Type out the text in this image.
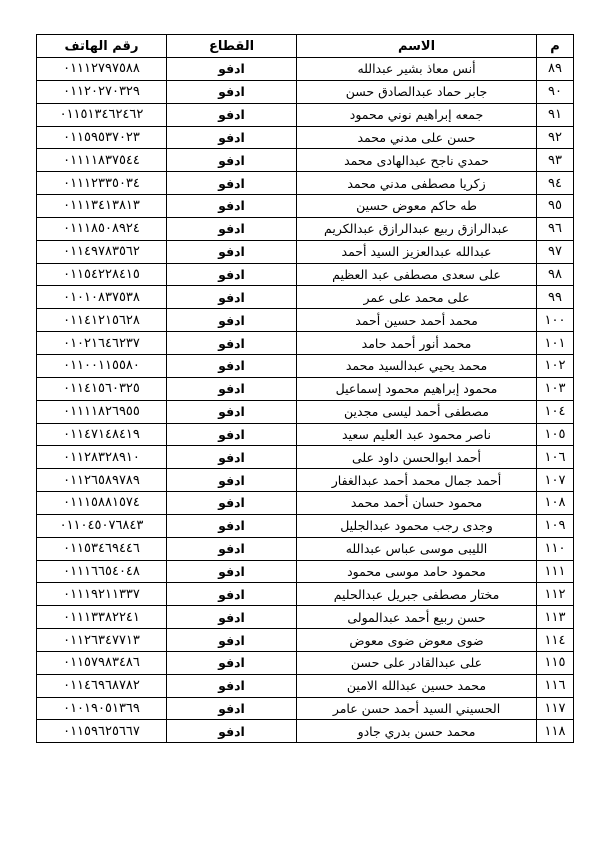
م	الاسم	القطاع	رقم الهاتف
٨٩	أنس معاذ بشير عبدالله	ادفو	٠١١١٢٧٩٧٥٨٨
٩٠	جابر حماد عبدالصادق حسن	ادفو	٠١١٢٠٢٧٠٣٢٩
٩١	جمعه إبراهيم نوني محمود	ادفو	٠١١٥١٣٤٦٢٤٦٢
٩٢	حسن على مدني محمد	ادفو	٠١١٥٩٥٣٧٠٢٣
٩٣	حمدي ناجح عبدالهادى محمد	ادفو	٠١١١١٨٣٧٥٤٤
٩٤	زكريا مصطفى مدني محمد	ادفو	٠١١١٢٣٣٥٠٣٤
٩٥	طه حاكم معوض حسين	ادفو	٠١١١٣٤١٣٨١٣
٩٦	عبدالرازق ربيع عبدالرازق عبدالكريم	ادفو	٠١١١٨٥٠٨٩٢٤
٩٧	عبدالله عبدالعزيز السيد أحمد	ادفو	٠١١٤٩٧٨٣٥٦٢
٩٨	على سعدى مصطفى عبد العظيم	ادفو	٠١١٥٤٢٢٨٤١٥
٩٩	على محمد على عمر	ادفو	٠١٠١٠٨٣٧٥٣٨
١٠٠	محمد أحمد حسين أحمد	ادفو	٠١١٤١٢١٥٦٢٨
١٠١	محمد أنور أحمد حامد	ادفو	٠١٠٢١٦٤٦٢٣٧
١٠٢	محمد يحيي عبدالسيد محمد	ادفو	٠١١٠٠١١٥٥٨٠
١٠٣	محمود إبراهيم محمود إسماعيل	ادفو	٠١١٤١٥٦٠٣٢٥
١٠٤	مصطفى أحمد ليسى مجدين	ادفو	٠١١١١٨٢٦٩٥٥
١٠٥	ناصر محمود عبد العليم سعيد	ادفو	٠١١٤٧١٤٨٤١٩
١٠٦	أحمد ابوالحسن داود على	ادفو	٠١١٢٨٣٢٨٩١٠
١٠٧	أحمد جمال محمد أحمد عبدالغفار	ادفو	٠١١٢٦٥٨٩٧٨٩
١٠٨	محمود حسان أحمد محمد	ادفو	٠١١١٥٨٨١٥٧٤
١٠٩	وجدى رجب محمود عبدالجليل	ادفو	٠١١٠٤٥٠٧٦٨٤٣
١١٠	الليبى موسى عباس عبدالله	ادفو	٠١١٥٣٤٦٩٤٤٦
١١١	محمود حامد موسى محمود	ادفو	٠١١١٦٦٥٤٠٤٨
١١٢	مختار مصطفى جبريل عبدالحليم	ادفو	٠١١١٩٢١١٣٣٧
١١٣	حسن ربيع أحمد عبدالمولى	ادفو	٠١١١٣٣٨٢٢٤١
١١٤	ضوى معوض ضوى معوض	ادفو	٠١١٢٦٣٤٧٧١٣
١١٥	على عبدالقادر على حسن	ادفو	٠١١٥٧٩٨٣٤٨٦
١١٦	محمد حسين عبدالله الامين	ادفو	٠١١٤٦٩٦٨٧٨٢
١١٧	الحسيني السيد أحمد حسن عامر	ادفو	٠١٠١٩٠٥١٣٦٩
١١٨	محمد حسن بدري جادو	ادفو	٠١١٥٩٦٢٥٦٦٧
